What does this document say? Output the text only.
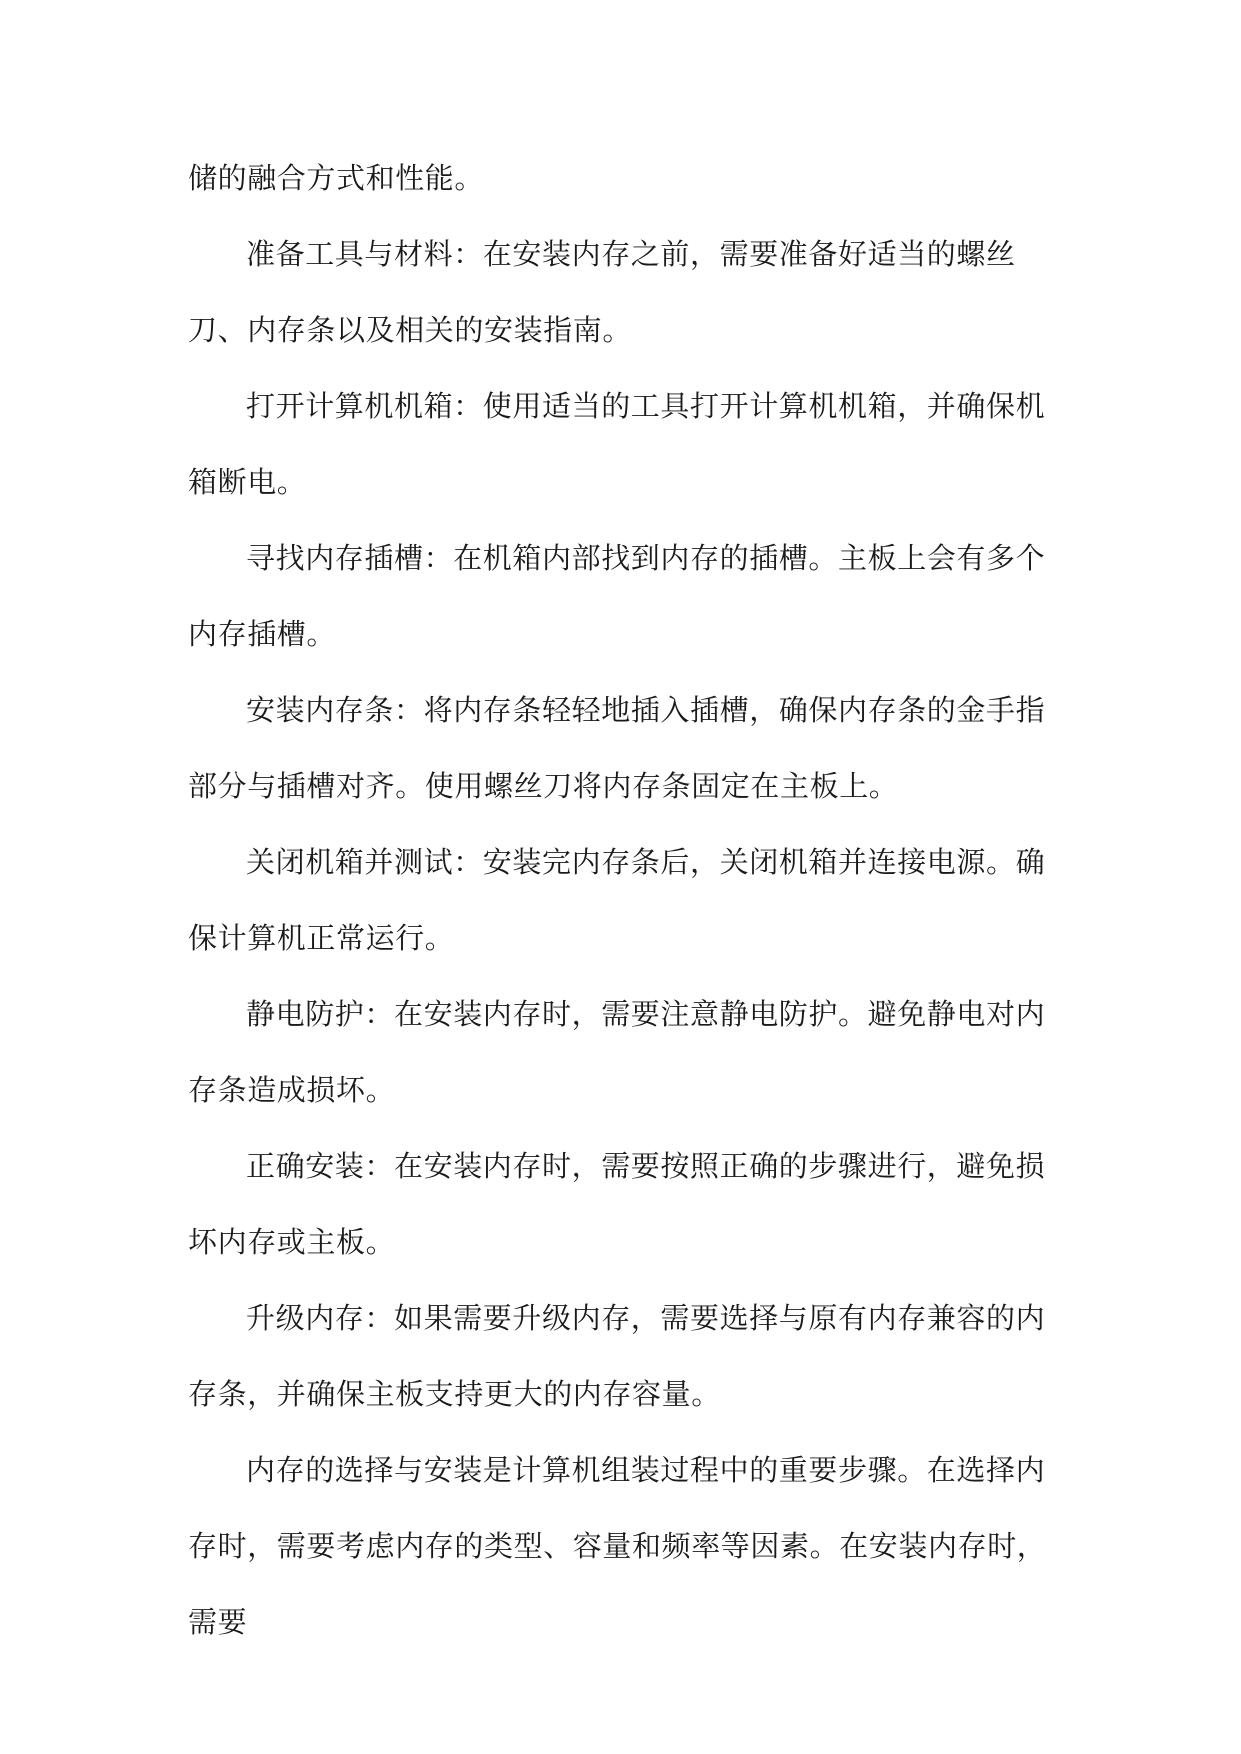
储的融合方式和性能。

准备工具与材料：在安装内存之前，需要准备好适当的螺丝刀、内存条以及相关的安装指南。

打开计算机机箱：使用适当的工具打开计算机机箱，并确保机箱断电。

寻找内存插槽：在机箱内部找到内存的插槽。主板上会有多个内存插槽。

安装内存条：将内存条轻轻地插入插槽，确保内存条的金手指部分与插槽对齐。使用螺丝刀将内存条固定在主板上。

关闭机箱并测试：安装完内存条后，关闭机箱并连接电源。确保计算机正常运行。

静电防护：在安装内存时，需要注意静电防护。避免静电对内存条造成损坏。

正确安装：在安装内存时，需要按照正确的步骤进行，避免损坏内存或主板。

升级内存：如果需要升级内存，需要选择与原有内存兼容的内存条，并确保主板支持更大的内存容量。

内存的选择与安装是计算机组装过程中的重要步骤。在选择内存时，需要考虑内存的类型、容量和频率等因素。在安装内存时，需要
